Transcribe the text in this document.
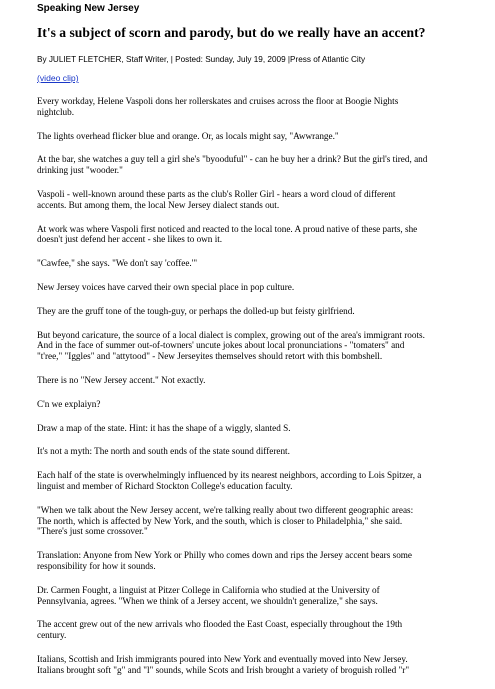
Speaking New Jersey
It's a subject of scorn and parody, but do we really have an accent?
By JULIET FLETCHER, Staff Writer, | Posted: Sunday, July 19, 2009 |Press of Atlantic City
(video clip)

Every workday, Helene Vaspoli dons her rollerskates and cruises across the floor at Boogie Nights
nightclub.

The lights overhead flicker blue and orange. Or, as locals might say, "Awwrange."

At the bar, she watches a guy tell a girl she's "byooduful" - can he buy her a drink? But the girl's tired, and
drinking just "wooder."

Vaspoli - well-known around these parts as the club's Roller Girl - hears a word cloud of different
accents. But among them, the local New Jersey dialect stands out.

At work was where Vaspoli first noticed and reacted to the local tone. A proud native of these parts, she
doesn't just defend her accent - she likes to own it.

"Cawfee," she says. "We don't say 'coffee.'"

New Jersey voices have carved their own special place in pop culture.

They are the gruff tone of the tough-guy, or perhaps the dolled-up but feisty girlfriend.

But beyond caricature, the source of a local dialect is complex, growing out of the area's immigrant roots.
And in the face of summer out-of-towners' uncute jokes about local pronunciations - "tomaters" and
"t'ree," "Iggles" and "attytood" - New Jerseyites themselves should retort with this bombshell.

There is no "New Jersey accent." Not exactly.

C'n we explaiyn?

Draw a map of the state. Hint: it has the shape of a wiggly, slanted S.

It's not a myth: The north and south ends of the state sound different.

Each half of the state is overwhelmingly influenced by its nearest neighbors, according to Lois Spitzer, a
linguist and member of Richard Stockton College's education faculty.

"When we talk about the New Jersey accent, we're talking really about two different geographic areas:
The north, which is affected by New York, and the south, which is closer to Philadelphia," she said.
"There's just some crossover."

Translation: Anyone from New York or Philly who comes down and rips the Jersey accent bears some
responsibility for how it sounds.

Dr. Carmen Fought, a linguist at Pitzer College in California who studied at the University of
Pennsylvania, agrees. "When we think of a Jersey accent, we shouldn't generalize," she says.

The accent grew out of the new arrivals who flooded the East Coast, especially throughout the 19th
century.

Italians, Scottish and Irish immigrants poured into New York and eventually moved into New Jersey.
Italians brought soft "g" and "l" sounds, while Scots and Irish brought a variety of broguish rolled "r"
